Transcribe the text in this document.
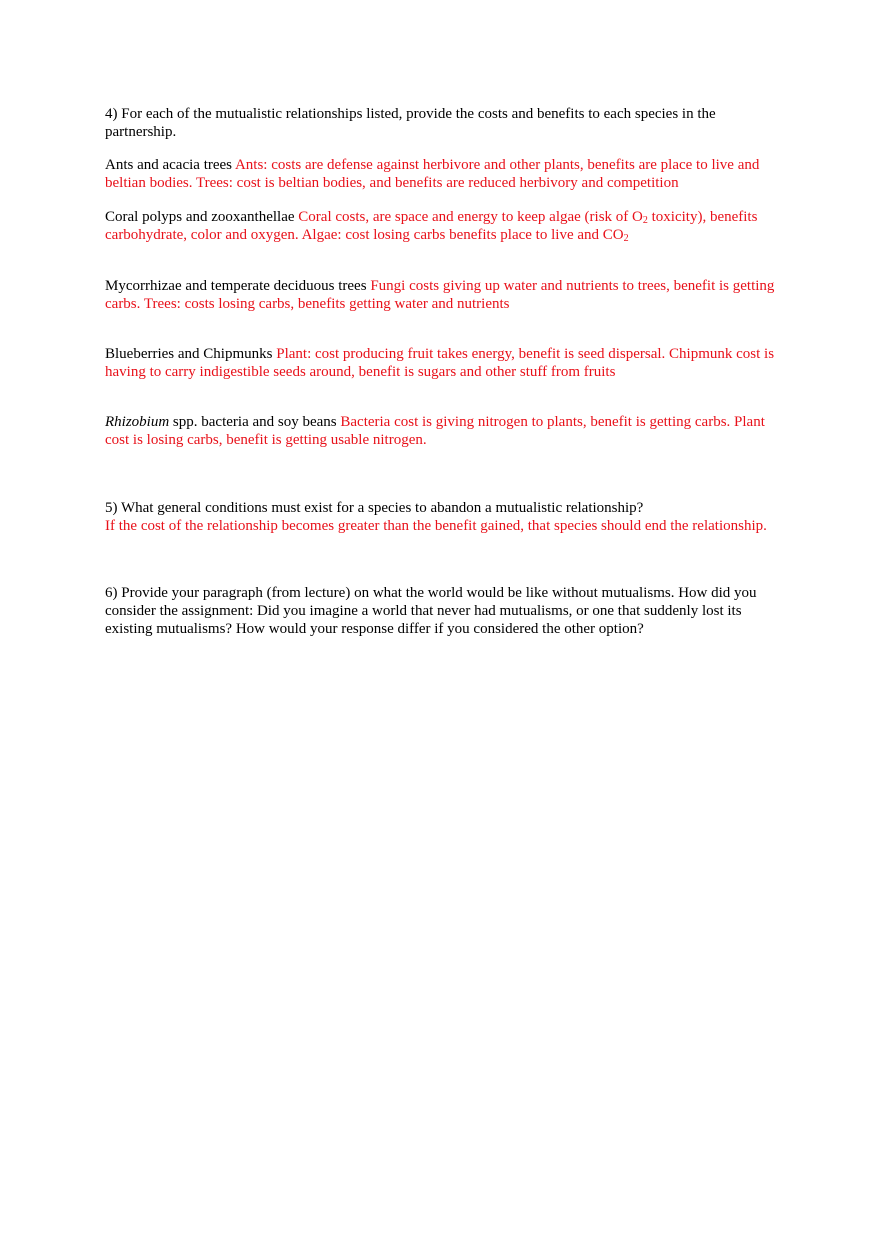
4) For each of the mutualistic relationships listed, provide the costs and benefits to each species in the partnership.

Ants and acacia trees Ants: costs are defense against herbivore and other plants, benefits are place to live and beltian bodies. Trees: cost is beltian bodies, and benefits are reduced herbivory and competition

Coral polyps and zooxanthellae Coral costs, are space and energy to keep algae (risk of $O_2$ toxicity), benefits carbohydrate, color and oxygen. Algae: cost losing carbs benefits place to live and $CO_2$

Mycorrhizae and temperate deciduous trees Fungi costs giving up water and nutrients to trees, benefit is getting carbs. Trees: costs losing carbs, benefits getting water and nutrients

Blueberries and Chipmunks Plant: cost producing fruit takes energy, benefit is seed dispersal. Chipmunk cost is having to carry indigestible seeds around, benefit is sugars and other stuff from fruits

Rhizobium spp. bacteria and soy beans Bacteria cost is giving nitrogen to plants, benefit is getting carbs. Plant cost is losing carbs, benefit is getting usable nitrogen.

5) What general conditions must exist for a species to abandon a mutualistic relationship?
If the cost of the relationship becomes greater than the benefit gained, that species should end the relationship.

6) Provide your paragraph (from lecture) on what the world would be like without mutualisms. How did you consider the assignment: Did you imagine a world that never had mutualisms, or one that suddenly lost its existing mutualisms? How would your response differ if you considered the other option?
